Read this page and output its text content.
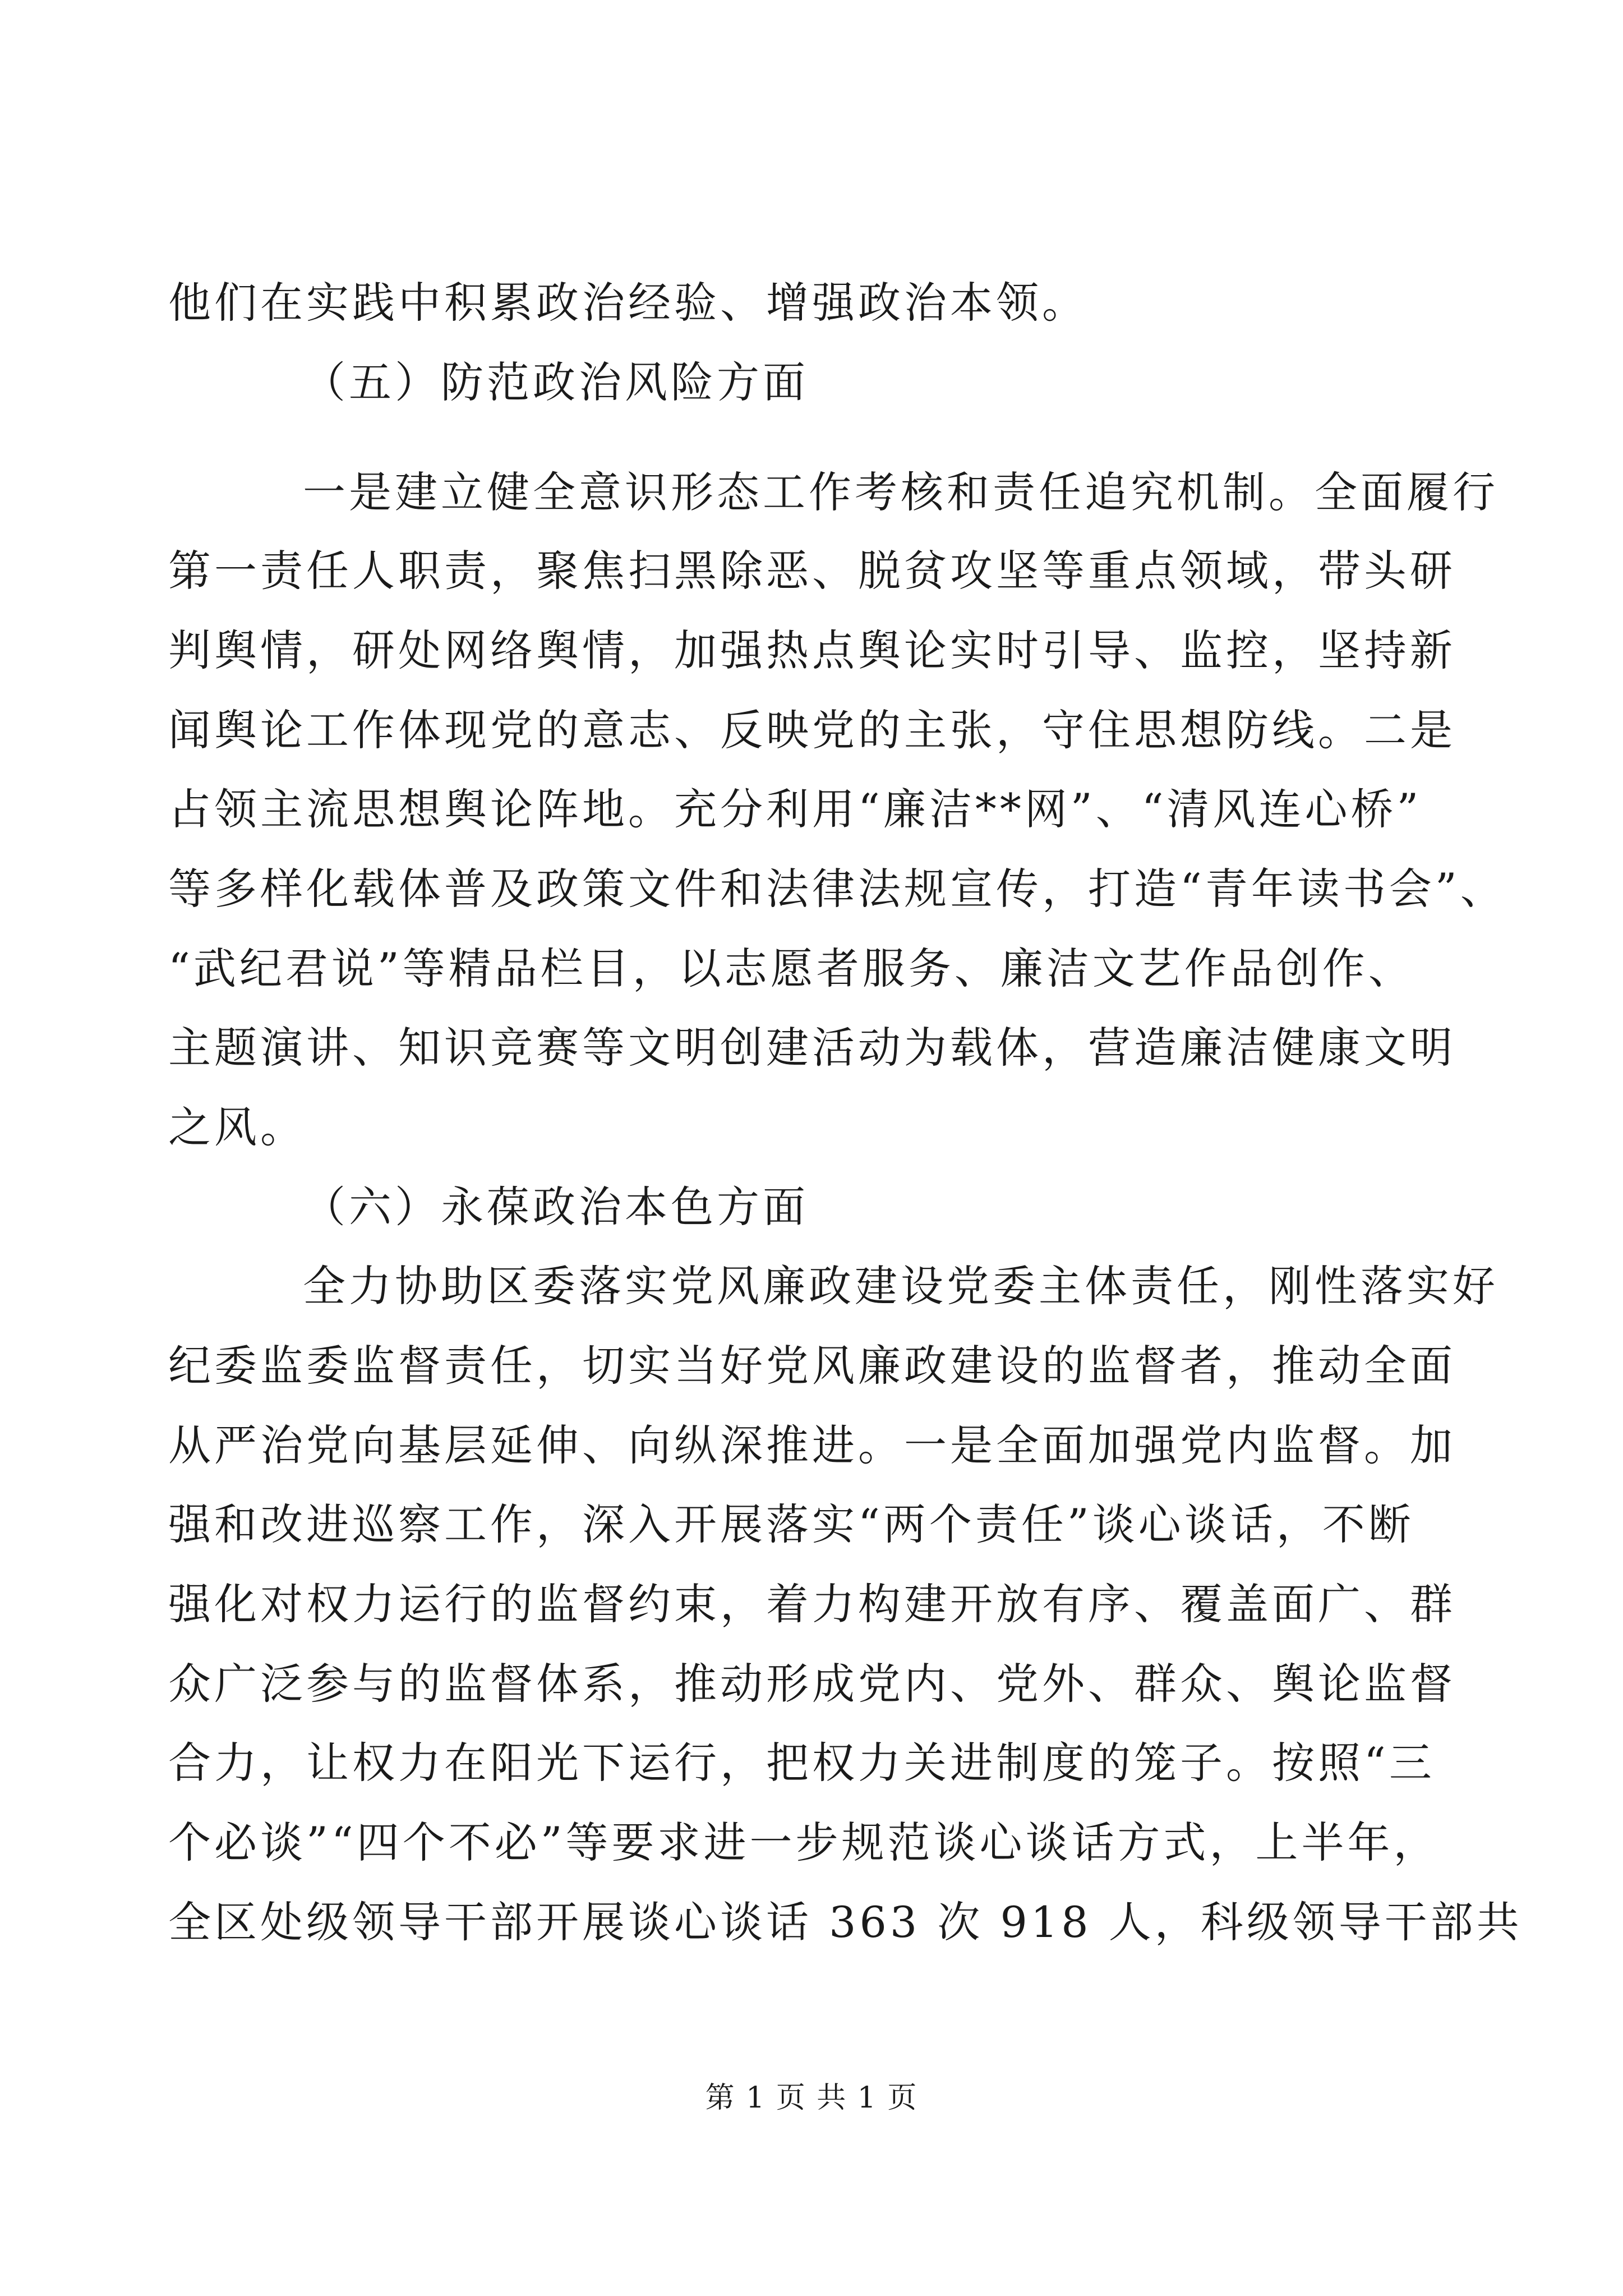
他们在实践中积累政治经验、增强政治本领。
（五）防范政治风险方面
一是建立健全意识形态工作考核和责任追究机制。全面履行
第一责任人职责，聚焦扫黑除恶、脱贫攻坚等重点领域，带头研
判舆情，研处网络舆情，加强热点舆论实时引导、监控，坚持新
闻舆论工作体现党的意志、反映党的主张，守住思想防线。二是
占领主流思想舆论阵地。充分利用“廉洁**网”、“清风连心桥”
等多样化载体普及政策文件和法律法规宣传，打造“青年读书会”、
“武纪君说”等精品栏目，以志愿者服务、廉洁文艺作品创作、
主题演讲、知识竞赛等文明创建活动为载体，营造廉洁健康文明
之风。
（六）永葆政治本色方面
全力协助区委落实党风廉政建设党委主体责任，刚性落实好
纪委监委监督责任，切实当好党风廉政建设的监督者，推动全面
从严治党向基层延伸、向纵深推进。一是全面加强党内监督。加
强和改进巡察工作，深入开展落实“两个责任”谈心谈话，不断
强化对权力运行的监督约束，着力构建开放有序、覆盖面广、群
众广泛参与的监督体系，推动形成党内、党外、群众、舆论监督
合力，让权力在阳光下运行，把权力关进制度的笼子。按照“三
个必谈”“四个不必”等要求进一步规范谈心谈话方式，上半年，
全区处级领导干部开展谈心谈话 363 次 918 人，科级领导干部共
第 1 页 共 1 页
